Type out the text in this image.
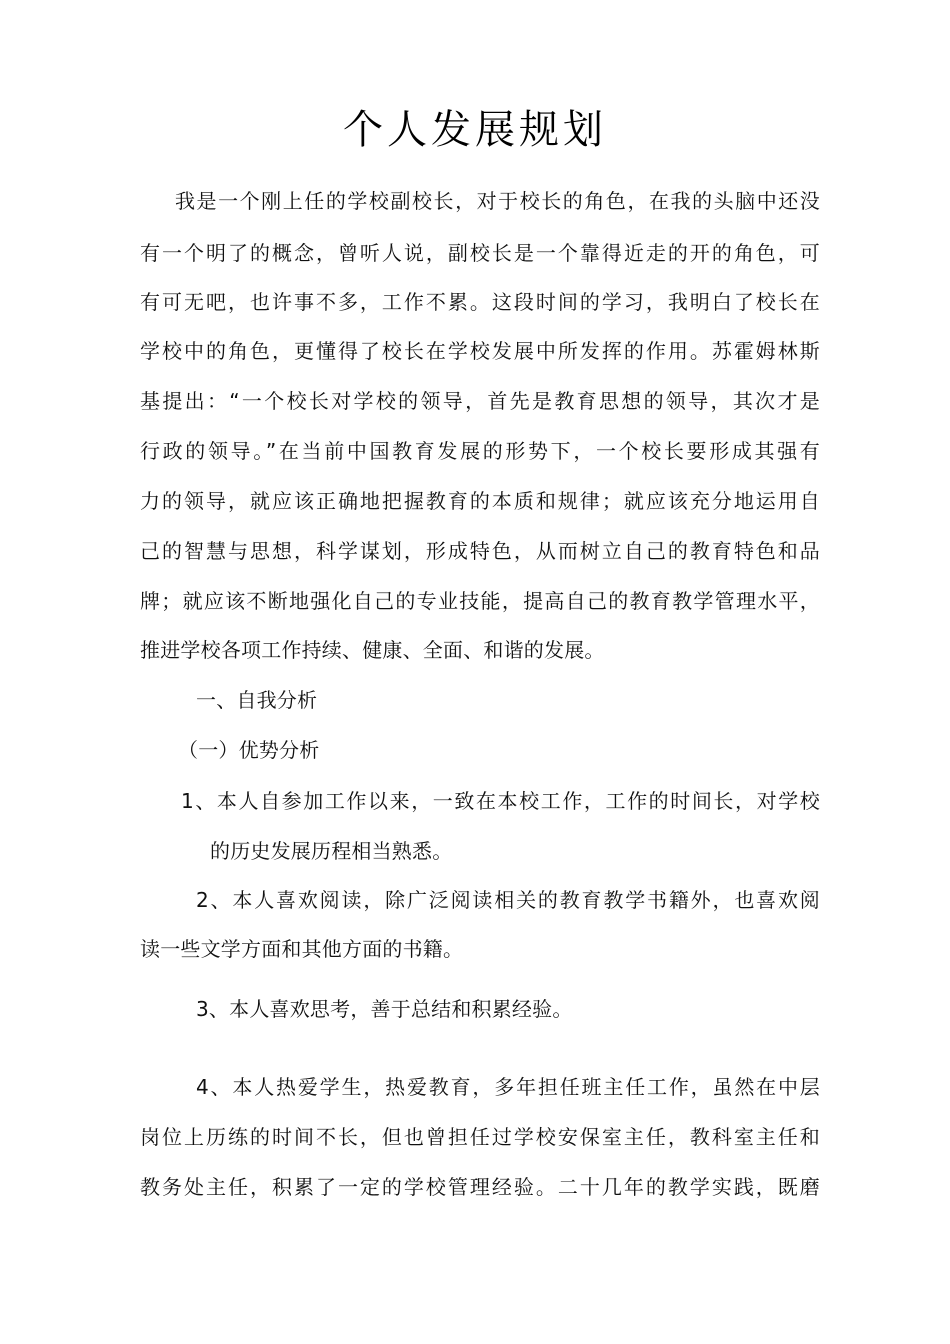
个人发展规划
我是一个刚上任的学校副校长，对于校长的角色，在我的头脑中还没
有一个明了的概念，曾听人说，副校长是一个靠得近走的开的角色，可
有可无吧，也许事不多，工作不累。这段时间的学习，我明白了校长在
学校中的角色，更懂得了校长在学校发展中所发挥的作用。苏霍姆林斯
基提出：“一个校长对学校的领导，首先是教育思想的领导，其次才是
行政的领导。”在当前中国教育发展的形势下，一个校长要形成其强有
力的领导，就应该正确地把握教育的本质和规律；就应该充分地运用自
己的智慧与思想，科学谋划，形成特色，从而树立自己的教育特色和品
牌；就应该不断地强化自己的专业技能，提高自己的教育教学管理水平，
推进学校各项工作持续、健康、全面、和谐的发展。
一、自我分析
（一）优势分析
1、本人自参加工作以来，一致在本校工作，工作的时间长，对学校
的历史发展历程相当熟悉。
2、本人喜欢阅读，除广泛阅读相关的教育教学书籍外，也喜欢阅
读一些文学方面和其他方面的书籍。
3、本人喜欢思考，善于总结和积累经验。
4、本人热爱学生，热爱教育，多年担任班主任工作，虽然在中层
岗位上历练的时间不长，但也曾担任过学校安保室主任，教科室主任和
教务处主任，积累了一定的学校管理经验。二十几年的教学实践，既磨
